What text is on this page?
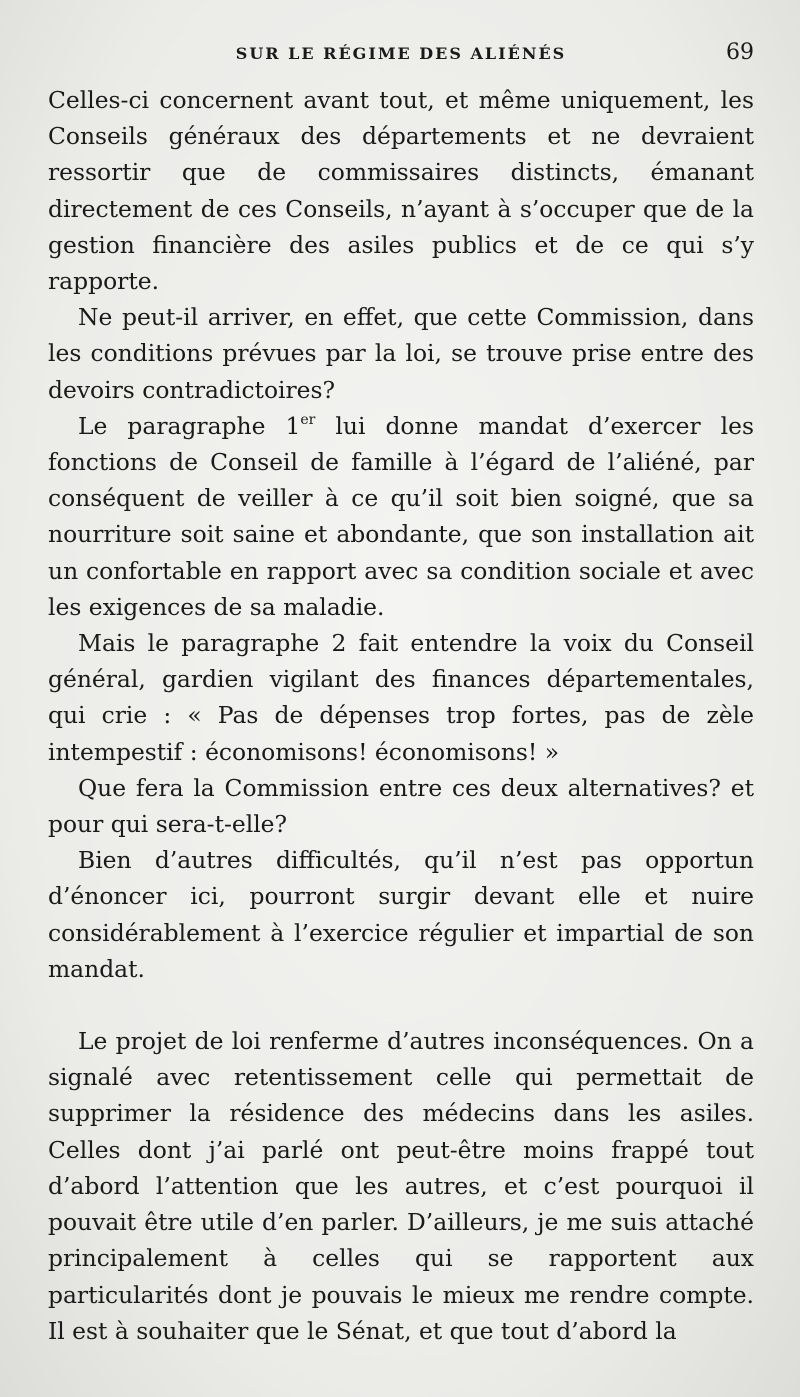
SUR LE RÉGIME DES ALIÉNÉS	69

Celles-ci concernent avant tout, et même uniquement, les Conseils généraux des départements et ne devraient ressortir que de commissaires distincts, émanant directement de ces Conseils, n’ayant à s’occuper que de la gestion financière des asiles publics et de ce qui s’y rapporte.

Ne peut-il arriver, en effet, que cette Commission, dans les conditions prévues par la loi, se trouve prise entre des devoirs contradictoires?

Le paragraphe 1er lui donne mandat d’exercer les fonctions de Conseil de famille à l’égard de l’aliéné, par conséquent de veiller à ce qu’il soit bien soigné, que sa nourriture soit saine et abondante, que son installation ait un confortable en rapport avec sa condition sociale et avec les exigences de sa maladie.

Mais le paragraphe 2 fait entendre la voix du Conseil général, gardien vigilant des finances départementales, qui crie : « Pas de dépenses trop fortes, pas de zèle intempestif : économisons! économisons! »

Que fera la Commission entre ces deux alternatives? et pour qui sera-t-elle?

Bien d’autres difficultés, qu’il n’est pas opportun d’énoncer ici, pourront surgir devant elle et nuire considérablement à l’exercice régulier et impartial de son mandat.

Le projet de loi renferme d’autres inconséquences. On a signalé avec retentissement celle qui permettait de supprimer la résidence des médecins dans les asiles. Celles dont j’ai parlé ont peut-être moins frappé tout d’abord l’attention que les autres, et c’est pourquoi il pouvait être utile d’en parler. D’ailleurs, je me suis attaché principalement à celles qui se rapportent aux particularités dont je pouvais le mieux me rendre compte. Il est à souhaiter que le Sénat, et que tout d’abord la
